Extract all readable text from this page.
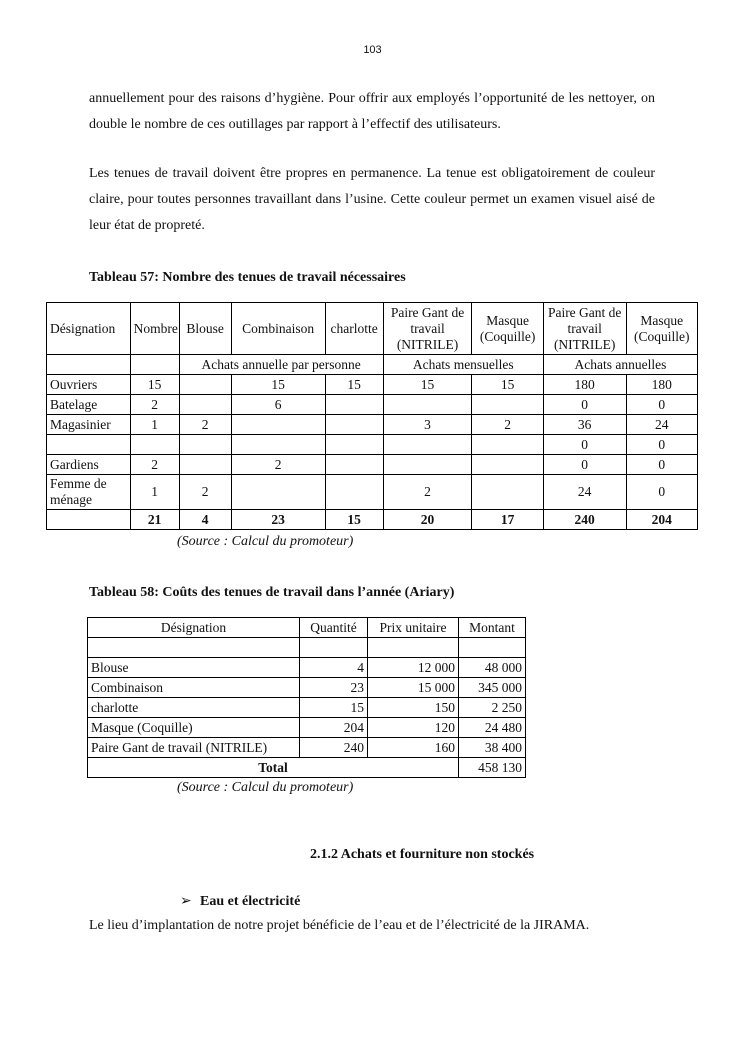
103
annuellement pour des raisons d’hygiène. Pour offrir aux employés l’opportunité de les nettoyer, on double le nombre de ces outillages par rapport à l’effectif des utilisateurs.
Les tenues de travail doivent être propres en permanence. La tenue est obligatoirement de couleur claire, pour toutes personnes travaillant dans l’usine. Cette couleur permet un examen visuel aisé de leur état de propreté.
Tableau 57: Nombre des tenues de travail nécessaires
Désignation	Nombre	Blouse	Combinaison	charlotte	Paire Gant de travail (NITRILE)	Masque (Coquille)	Paire Gant de travail (NITRILE)	Masque (Coquille)
		Achats annuelle par personne			Achats mensuelles		Achats annuelles	
Ouvriers	15		15	15	15	15	180	180
Batelage	2		6				0	0
Magasinier	1	2			3	2	36	24
							0	0
Gardiens	2		2				0	0
Femme de ménage	1	2			2		24	0
	21	4	23	15	20	17	240	204
(Source : Calcul du promoteur)
Tableau 58: Coûts des tenues de travail dans l’année (Ariary)
Désignation	Quantité	Prix unitaire	Montant

Blouse	4	12 000	48 000
Combinaison	23	15 000	345 000
charlotte	15	150	2 250
Masque (Coquille)	204	120	24 480
Paire Gant de travail (NITRILE)	240	160	38 400
Total			458 130
(Source : Calcul du promoteur)
2.1.2 Achats et fourniture non stockés
➢ Eau et électricité
Le lieu d’implantation de notre projet bénéficie de l’eau et de l’électricité de la JIRAMA.
